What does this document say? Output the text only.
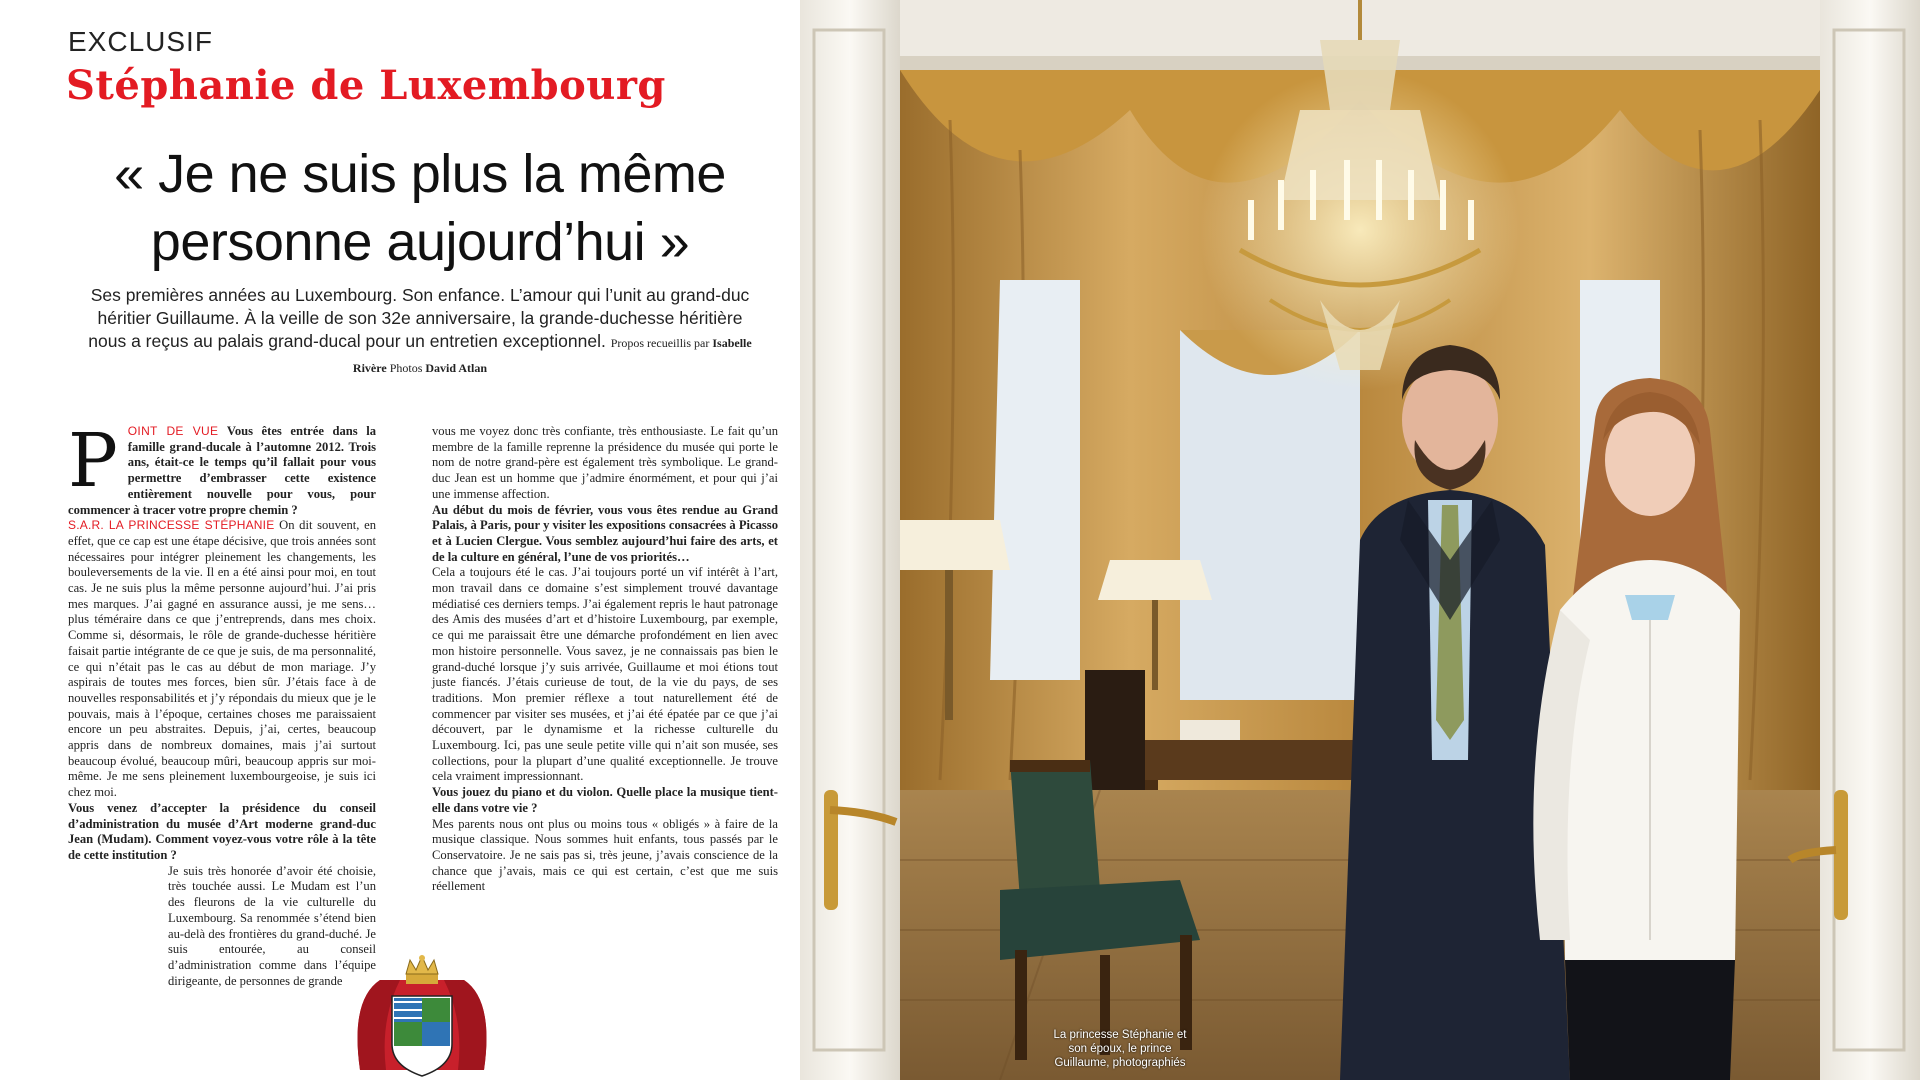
EXCLUSIF
Stéphanie de Luxembourg
« Je ne suis plus la même
personne aujourd’hui »
Ses premières années au Luxembourg. Son enfance. L’amour qui l’unit au grand-duc héritier Guillaume. À la veille de son 32e anniversaire, la grande-duchesse héritière nous a reçus au palais grand-ducal pour un entretien exceptionnel. Propos recueillis par Isabelle Rivère Photos David Atlan

P OINT DE VUE Vous êtes entrée dans la famille grand-ducale à l’automne 2012. Trois ans, était-ce le temps qu’il fallait pour vous permettre d’embrasser cette existence entièrement nouvelle pour vous, pour commencer à tracer votre propre chemin ?

S.A.R. LA PRINCESSE STÉPHANIE On dit souvent, en effet, que ce cap est une étape décisive, que trois années sont nécessaires pour intégrer pleinement les changements, les bouleversements de la vie. Il en a été ainsi pour moi, en tout cas. Je ne suis plus la même personne aujourd’hui. J’ai pris mes marques. J’ai gagné en assurance aussi, je me sens… plus téméraire dans ce que j’entreprends, dans mes choix. Comme si, désormais, le rôle de grande-duchesse héritière faisait partie intégrante de ce que je suis, de ma personnalité, ce qui n’était pas le cas au début de mon mariage. J’y aspirais de toutes mes forces, bien sûr. J’étais face à de nouvelles responsabilités et j’y répondais du mieux que je le pouvais, mais à l’époque, certaines choses me paraissaient encore un peu abstraites. Depuis, j’ai, certes, beaucoup appris dans de nombreux domaines, mais j’ai surtout beaucoup évolué, beaucoup mûri, beaucoup appris sur moi-même. Je me sens pleinement luxembourgeoise, je suis ici chez moi.

Vous venez d’accepter la présidence du conseil d’administration du musée d’Art moderne grand-duc Jean (Mudam). Comment voyez-vous votre rôle à la tête de cette institution ?

Je suis très honorée d’avoir été choisie, très touchée aussi. Le Mudam est l’un des fleurons de la vie culturelle du Luxembourg. Sa renommée s’étend bien au-delà des frontières du grand-duché. Je suis entourée, au conseil d’administration comme dans l’équipe dirigeante, de personnes de grande

vous me voyez donc très confiante, très enthousiaste. Le fait qu’un membre de la famille reprenne la présidence du musée qui porte le nom de notre grand-père est également très symbolique. Le grand-duc Jean est un homme que j’admire énormément, et pour qui j’ai une immense affection.

Au début du mois de février, vous vous êtes rendue au Grand Palais, à Paris, pour y visiter les expositions consacrées à Picasso et à Lucien Clergue. Vous semblez aujourd’hui faire des arts, et de la culture en général, l’une de vos priorités…

Cela a toujours été le cas. J’ai toujours porté un vif intérêt à l’art, mon travail dans ce domaine s’est simplement trouvé davantage médiatisé ces derniers temps. J’ai également repris le haut patronage des Amis des musées d’art et d’histoire Luxembourg, par exemple, ce qui me paraissait être une démarche profondément en lien avec mon histoire personnelle. Vous savez, je ne connaissais pas bien le grand-duché lorsque j’y suis arrivée, Guillaume et moi étions tout juste fiancés. J’étais curieuse de tout, de la vie du pays, de ses traditions. Mon premier réflexe a tout naturellement été de commencer par visiter ses musées, et j’ai été épatée par ce que j’ai découvert, par le dynamisme et la richesse culturelle du Luxembourg. Ici, pas une seule petite ville qui n’ait son musée, ses collections, pour la plupart d’une qualité exceptionnelle. Je trouve cela vraiment impressionnant.

Vous jouez du piano et du violon. Quelle place la musique tient-elle dans votre vie ?

Mes parents nous ont plus ou moins tous « obligés » à faire de la musique classique. Nous sommes huit enfants, tous passés par le Conservatoire. Je ne sais pas si, très jeune, j’avais conscience de la chance que j’avais, mais ce qui est certain, c’est que me suis réellement

La princesse Stéphanie et son époux, le prince Guillaume, photographiés
